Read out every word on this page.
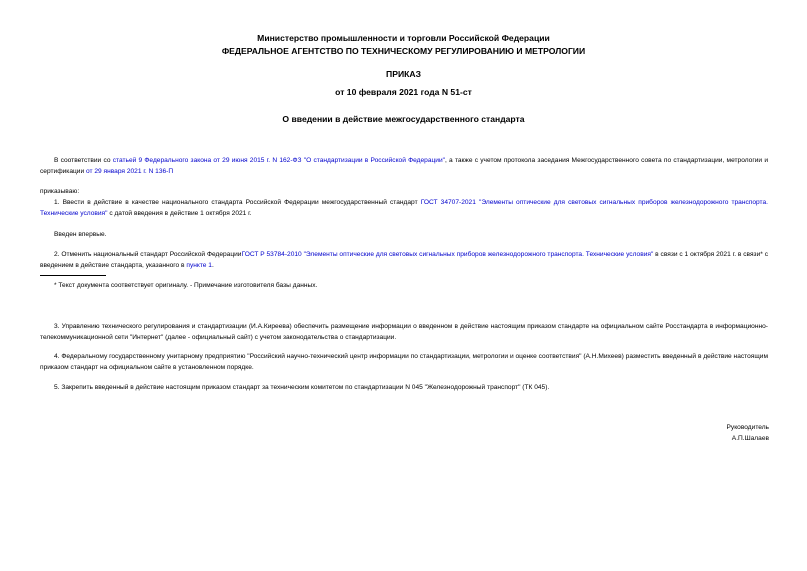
Министерство промышленности и торговли Российской Федерации
ФЕДЕРАЛЬНОЕ АГЕНТСТВО ПО ТЕХНИЧЕСКОМУ РЕГУЛИРОВАНИЮ И МЕТРОЛОГИИ
ПРИКАЗ
от 10 февраля 2021 года N 51-ст
О введении в действие межгосударственного стандарта
В соответствии со статьей 9 Федерального закона от 29 июня 2015 г. N 162-ФЗ "О стандартизации в Российской Федерации", а также с учетом протокола заседания Межгосударственного совета по стандартизации, метрологии и сертификации от 29 января 2021 г. N 136-П
приказываю:
1. Ввести в действие в качестве национального стандарта Российской Федерации межгосударственный стандарт ГОСТ 34707-2021 "Элементы оптические для световых сигнальных приборов железнодорожного транспорта. Технические условия" с датой введения в действие 1 октября 2021 г.
Введен впервые.
2. Отменить национальный стандарт Российской ФедерацииГОСТ Р 53784-2010 "Элементы оптические для световых сигнальных приборов железнодорожного транспорта. Технические условия" в связи с 1 октября 2021 г. в связи* с введением в действие стандарта, указанного в пункте 1.
* Текст документа соответствует оригиналу. - Примечание изготовителя базы данных.
3. Управлению технического регулирования и стандартизации (И.А.Киреева) обеспечить размещение информации о введенном в действие настоящим приказом стандарте на официальном сайте Росстандарта в информационно-телекоммуникационной сети "Интернет" (далее - официальный сайт) с учетом законодательства о стандартизации.
4. Федеральному государственному унитарному предприятию "Российский научно-технический центр информации по стандартизации, метрологии и оценке соответствия" (А.Н.Михеев) разместить введенный в действие настоящим приказом стандарт на официальном сайте в установленном порядке.
5. Закрепить введенный в действие настоящим приказом стандарт за техническим комитетом по стандартизации N 045 "Железнодорожный транспорт" (ТК 045).
Руководитель
А.П.Шалаев
